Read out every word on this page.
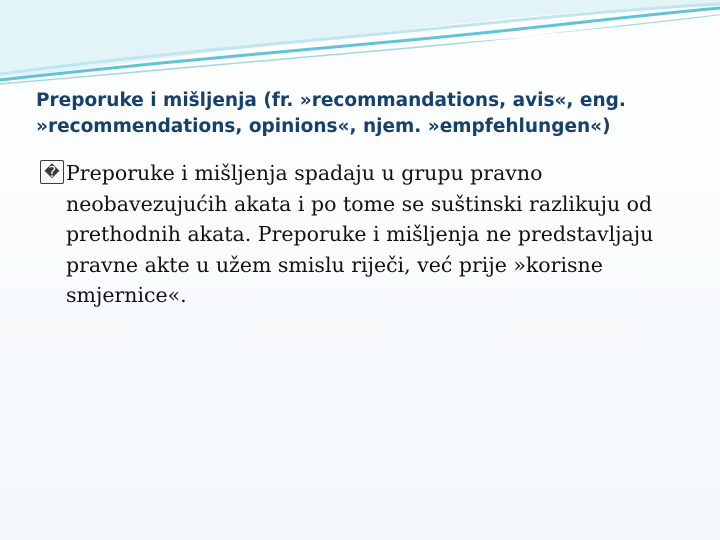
Preporuke i mišljenja (fr. »recommandations, avis«, eng. »recommendations, opinions«, njem. »empfehlungen«)
� Preporuke i mišljenja spadaju u grupu pravno neobavezujućih akata i po tome se suštinski razlikuju od prethodnih akata. Preporuke i mišljenja ne predstavljaju pravne akte u užem smislu riječi, već prije »korisne smjernice«.
